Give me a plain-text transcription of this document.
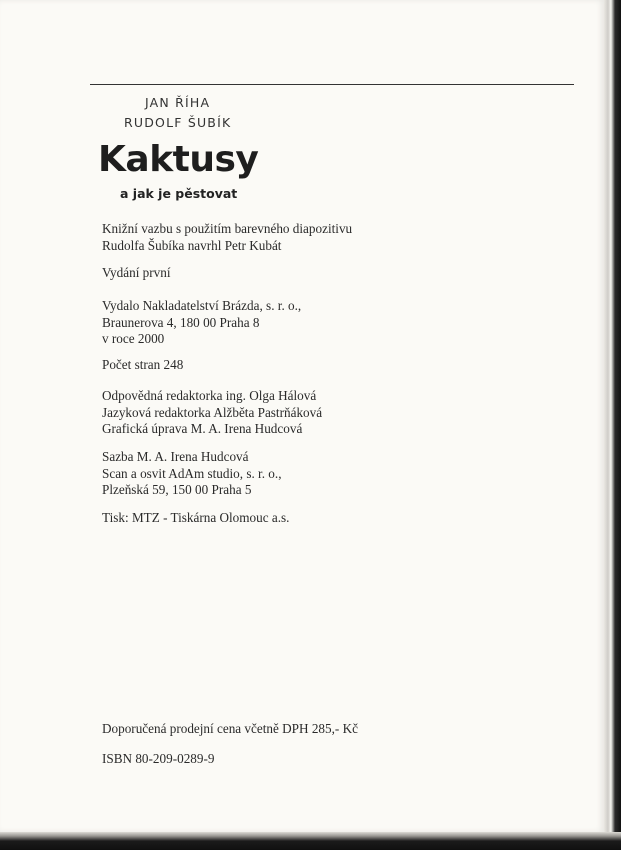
JAN ŘÍHA
RUDOLF ŠUBÍK
Kaktusy
a jak je pěstovat
Knižní vazbu s použitím barevného diapozitivu
Rudolfa Šubíka navrhl Petr Kubát
Vydání první
Vydalo Nakladatelství Brázda, s. r. o.,
Braunerova 4, 180 00 Praha 8
v roce 2000
Počet stran 248
Odpovědná redaktorka ing. Olga Hálová
Jazyková redaktorka Alžběta Pastrňáková
Grafická úprava M. A. Irena Hudcová
Sazba M. A. Irena Hudcová
Scan a osvit AdAm studio, s. r. o.,
Plzeňská 59, 150 00 Praha 5
Tisk: MTZ - Tiskárna Olomouc a.s.
Doporučená prodejní cena včetně DPH 285,- Kč
ISBN 80-209-0289-9
